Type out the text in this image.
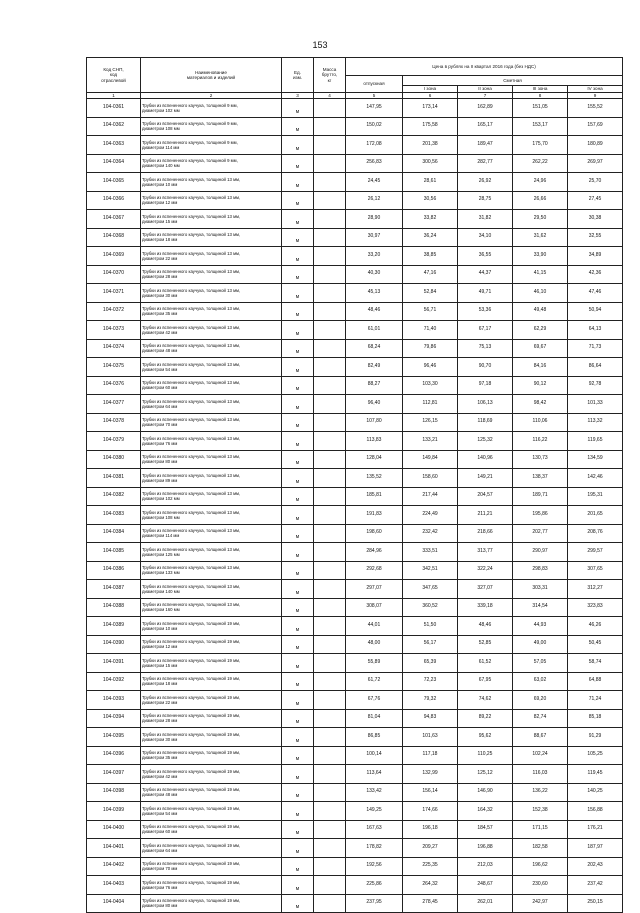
153
Код СНП,
код
отраслевой	Наименование
материалов и изделий	Ед.
изм.	Масса
брутто,
кг	Цена в рублях на II квартал 2016 года (без НДС)				
				отпускная	Сметная			
					I зона	II зона	III зона	IV зона
1	2	3	4	5	6	7	8	9
104-0361	Трубки из вспененного каучука, толщиной 9 мм,
диаметром 102 мм	м		147,95	173,14	162,89	151,05	155,52
104-0362	Трубки из вспененного каучука, толщиной 9 мм,
диаметром 108 мм	м		150,02	175,58	165,17	153,17	157,69
104-0363	Трубки из вспененного каучука, толщиной 9 мм,
диаметром 114 мм	м		172,08	201,38	189,47	175,70	180,89
104-0364	Трубки из вспененного каучука, толщиной 9 мм,
диаметром 140 мм	м		256,83	300,56	282,77	262,22	269,97
104-0365	Трубки из вспененного каучука, толщиной 13 мм,
диаметром 10 мм	м		24,45	28,61	26,92	24,96	25,70
104-0366	Трубки из вспененного каучука, толщиной 13 мм,
диаметром 12 мм	м		26,12	30,56	28,75	26,66	27,45
104-0367	Трубки из вспененного каучука, толщиной 13 мм,
диаметром 15 мм	м		28,90	33,82	31,82	29,50	30,38
104-0368	Трубки из вспененного каучука, толщиной 13 мм,
диаметром 18 мм	м		30,97	36,24	34,10	31,62	32,55
104-0369	Трубки из вспененного каучука, толщиной 13 мм,
диаметром 22 мм	м		33,20	38,85	36,55	33,90	34,89
104-0370	Трубки из вспененного каучука, толщиной 13 мм,
диаметром 28 мм	м		40,30	47,16	44,37	41,15	42,36
104-0371	Трубки из вспененного каучука, толщиной 13 мм,
диаметром 30 мм	м		45,13	52,84	49,71	46,10	47,46
104-0372	Трубки из вспененного каучука, толщиной 13 мм,
диаметром 35 мм	м		48,46	56,71	53,36	49,48	50,94
104-0373	Трубки из вспененного каучука, толщиной 13 мм,
диаметром 42 мм	м		61,01	71,40	67,17	62,29	64,13
104-0374	Трубки из вспененного каучука, толщиной 13 мм,
диаметром 48 мм	м		68,24	79,86	75,13	69,67	71,73
104-0375	Трубки из вспененного каучука, толщиной 13 мм,
диаметром 54 мм	м		82,49	96,46	90,70	84,16	86,64
104-0376	Трубки из вспененного каучука, толщиной 13 мм,
диаметром 60 мм	м		88,27	103,30	97,18	90,12	92,78
104-0377	Трубки из вспененного каучука, толщиной 13 мм,
диаметром 64 мм	м		96,40	112,81	106,13	98,42	101,33
104-0378	Трубки из вспененного каучука, толщиной 13 мм,
диаметром 70 мм	м		107,80	126,15	118,69	110,06	113,32
104-0379	Трубки из вспененного каучука, толщиной 13 мм,
диаметром 76 мм	м		113,83	133,21	125,32	116,22	119,65
104-0380	Трубки из вспененного каучука, толщиной 13 мм,
диаметром 80 мм	м		128,04	149,84	140,96	130,73	134,59
104-0381	Трубки из вспененного каучука, толщиной 13 мм,
диаметром 89 мм	м		135,52	158,60	149,21	138,37	142,46
104-0382	Трубки из вспененного каучука, толщиной 13 мм,
диаметром 102 мм	м		185,81	217,44	204,57	189,71	195,31
104-0383	Трубки из вспененного каучука, толщиной 13 мм,
диаметром 108 мм	м		191,83	224,49	211,21	195,86	201,65
104-0384	Трубки из вспененного каучука, толщиной 13 мм,
диаметром 114 мм	м		198,60	232,42	218,66	202,77	208,76
104-0385	Трубки из вспененного каучука, толщиной 13 мм,
диаметром 125 мм	м		284,96	333,51	313,77	290,97	299,57
104-0386	Трубки из вспененного каучука, толщиной 13 мм,
диаметром 133 мм	м		292,68	342,51	322,24	298,83	307,65
104-0387	Трубки из вспененного каучука, толщиной 13 мм,
диаметром 140 мм	м		297,07	347,65	327,07	303,31	312,27
104-0388	Трубки из вспененного каучука, толщиной 13 мм,
диаметром 160 мм	м		308,07	360,52	339,18	314,54	323,83
104-0389	Трубки из вспененного каучука, толщиной 19 мм,
диаметром 10 мм	м		44,01	51,50	48,46	44,93	46,26
104-0390	Трубки из вспененного каучука, толщиной 19 мм,
диаметром 12 мм	м		48,00	56,17	52,85	49,00	50,45
104-0391	Трубки из вспененного каучука, толщиной 19 мм,
диаметром 15 мм	м		55,89	65,39	61,52	57,05	58,74
104-0392	Трубки из вспененного каучука, толщиной 19 мм,
диаметром 18 мм	м		61,72	72,23	67,95	63,02	64,88
104-0393	Трубки из вспененного каучука, толщиной 19 мм,
диаметром 22 мм	м		67,76	79,32	74,62	69,20	71,24
104-0394	Трубки из вспененного каучука, толщиной 19 мм,
диаметром 28 мм	м		81,04	94,83	89,22	82,74	85,18
104-0395	Трубки из вспененного каучука, толщиной 19 мм,
диаметром 30 мм	м		86,85	101,63	95,62	88,67	91,29
104-0396	Трубки из вспененного каучука, толщиной 19 мм,
диаметром 35 мм	м		100,14	117,18	110,25	102,24	105,25
104-0397	Трубки из вспененного каучука, толщиной 19 мм,
диаметром 42 мм	м		113,64	132,99	125,12	116,03	119,45
104-0398	Трубки из вспененного каучука, толщиной 19 мм,
диаметром 48 мм	м		133,42	156,14	146,90	136,22	140,25
104-0399	Трубки из вспененного каучука, толщиной 19 мм,
диаметром 54 мм	м		149,25	174,66	164,32	152,38	156,88
104-0400	Трубки из вспененного каучука, толщиной 19 мм,
диаметром 60 мм	м		167,63	196,18	184,57	171,15	176,21
104-0401	Трубки из вспененного каучука, толщиной 19 мм,
диаметром 64 мм	м		178,82	209,27	196,88	182,58	187,97
104-0402	Трубки из вспененного каучука, толщиной 19 мм,
диаметром 70 мм	м		192,56	225,35	212,03	196,62	202,43
104-0403	Трубки из вспененного каучука, толщиной 19 мм,
диаметром 76 мм	м		225,86	264,32	248,67	230,60	237,42
104-0404	Трубки из вспененного каучука, толщиной 19 мм,
диаметром 80 мм	м		237,95	278,45	262,01	242,97	250,15
